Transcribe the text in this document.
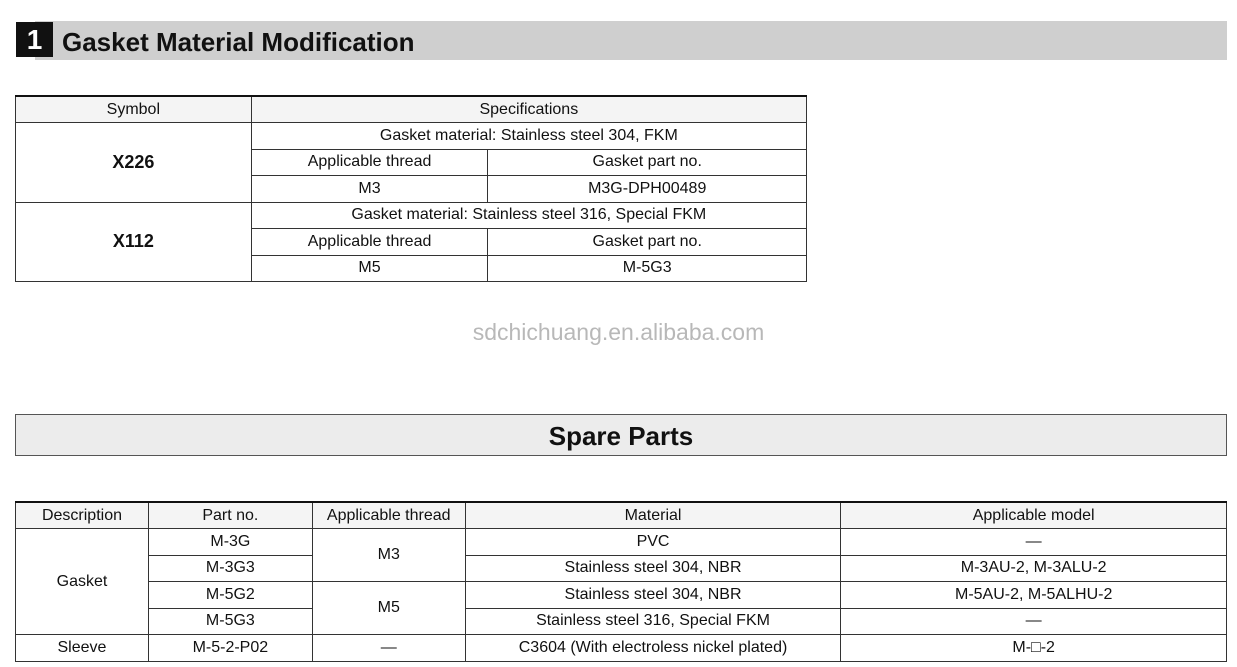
1 Gasket Material Modification
Symbol	Specifications	
X226	Gasket material: Stainless steel 304, FKM	
	Applicable thread	Gasket part no.
	M3	M3G-DPH00489
X112	Gasket material: Stainless steel 316, Special FKM	
	Applicable thread	Gasket part no.
	M5	M-5G3
sdchichuang.en.alibaba.com
Spare Parts
Description	Part no.	Applicable thread	Material	Applicable model
Gasket	M-3G	M3	PVC	—
	M-3G3		Stainless steel 304, NBR	M-3AU-2, M-3ALU-2
	M-5G2	M5	Stainless steel 304, NBR	M-5AU-2, M-5ALHU-2
	M-5G3		Stainless steel 316, Special FKM	—
Sleeve	M-5-2-P02	—	C3604 (With electroless nickel plated)	M-□-2
